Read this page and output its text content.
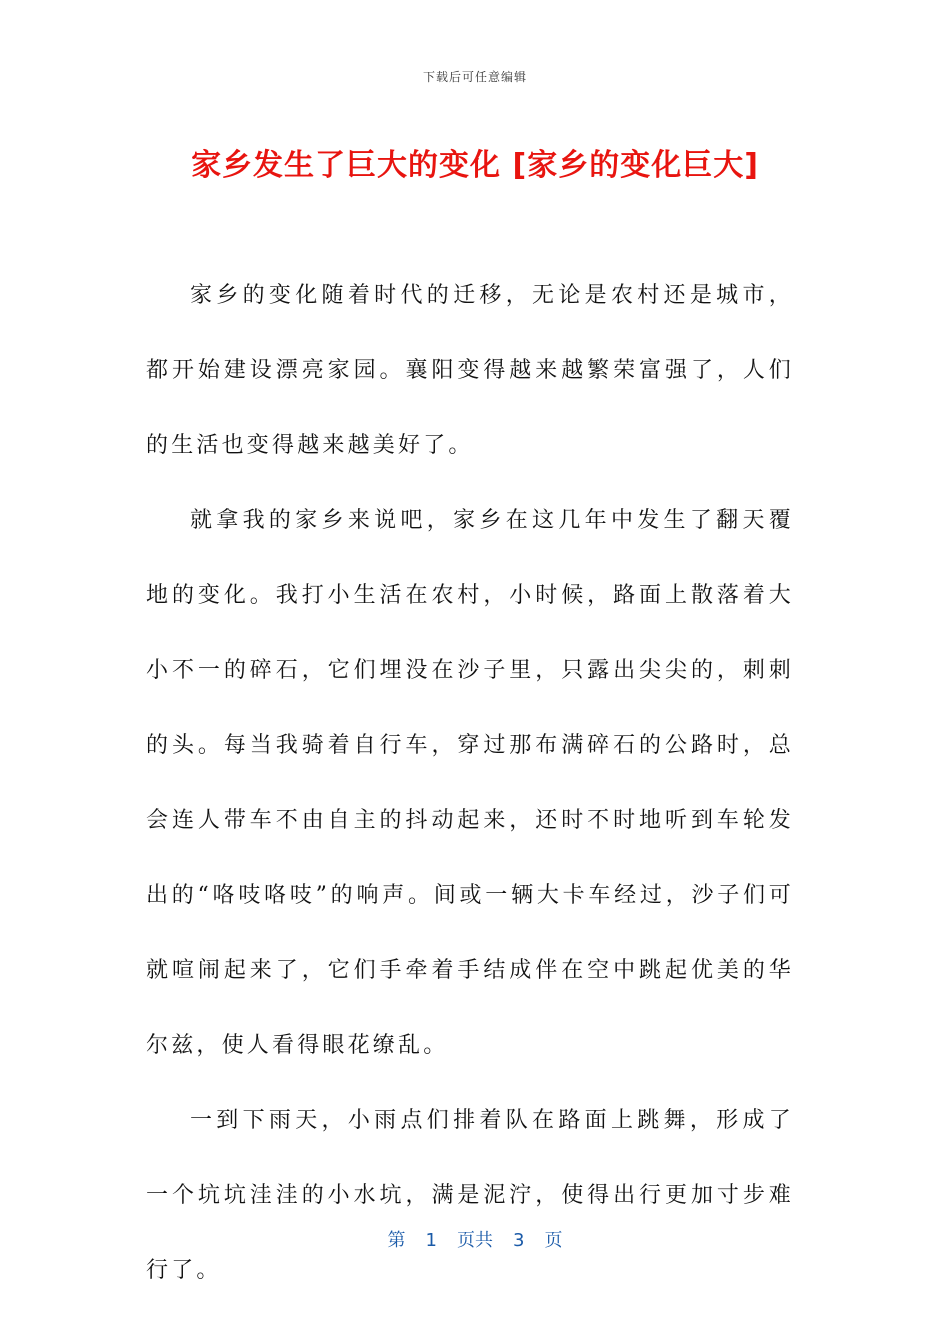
下载后可任意编辑
家乡发生了巨大的变化 [家乡的变化巨大]

家乡的变化随着时代的迁移，无论是农村还是城市，都开始建设漂亮家园。襄阳变得越来越繁荣富强了，人们的生活也变得越来越美好了。

就拿我的家乡来说吧，家乡在这几年中发生了翻天覆地的变化。我打小生活在农村，小时候，路面上散落着大小不一的碎石，它们埋没在沙子里，只露出尖尖的，刺刺的头。每当我骑着自行车，穿过那布满碎石的公路时，总会连人带车不由自主的抖动起来，还时不时地听到车轮发出的“咯吱咯吱”的响声。间或一辆大卡车经过，沙子们可就喧闹起来了，它们手牵着手结成伴在空中跳起优美的华尔兹，使人看得眼花缭乱。

一到下雨天，小雨点们排着队在路面上跳舞，形成了一个坑坑洼洼的小水坑，满是泥泞，使得出行更加寸步难行了。

第 1 页共 3 页
